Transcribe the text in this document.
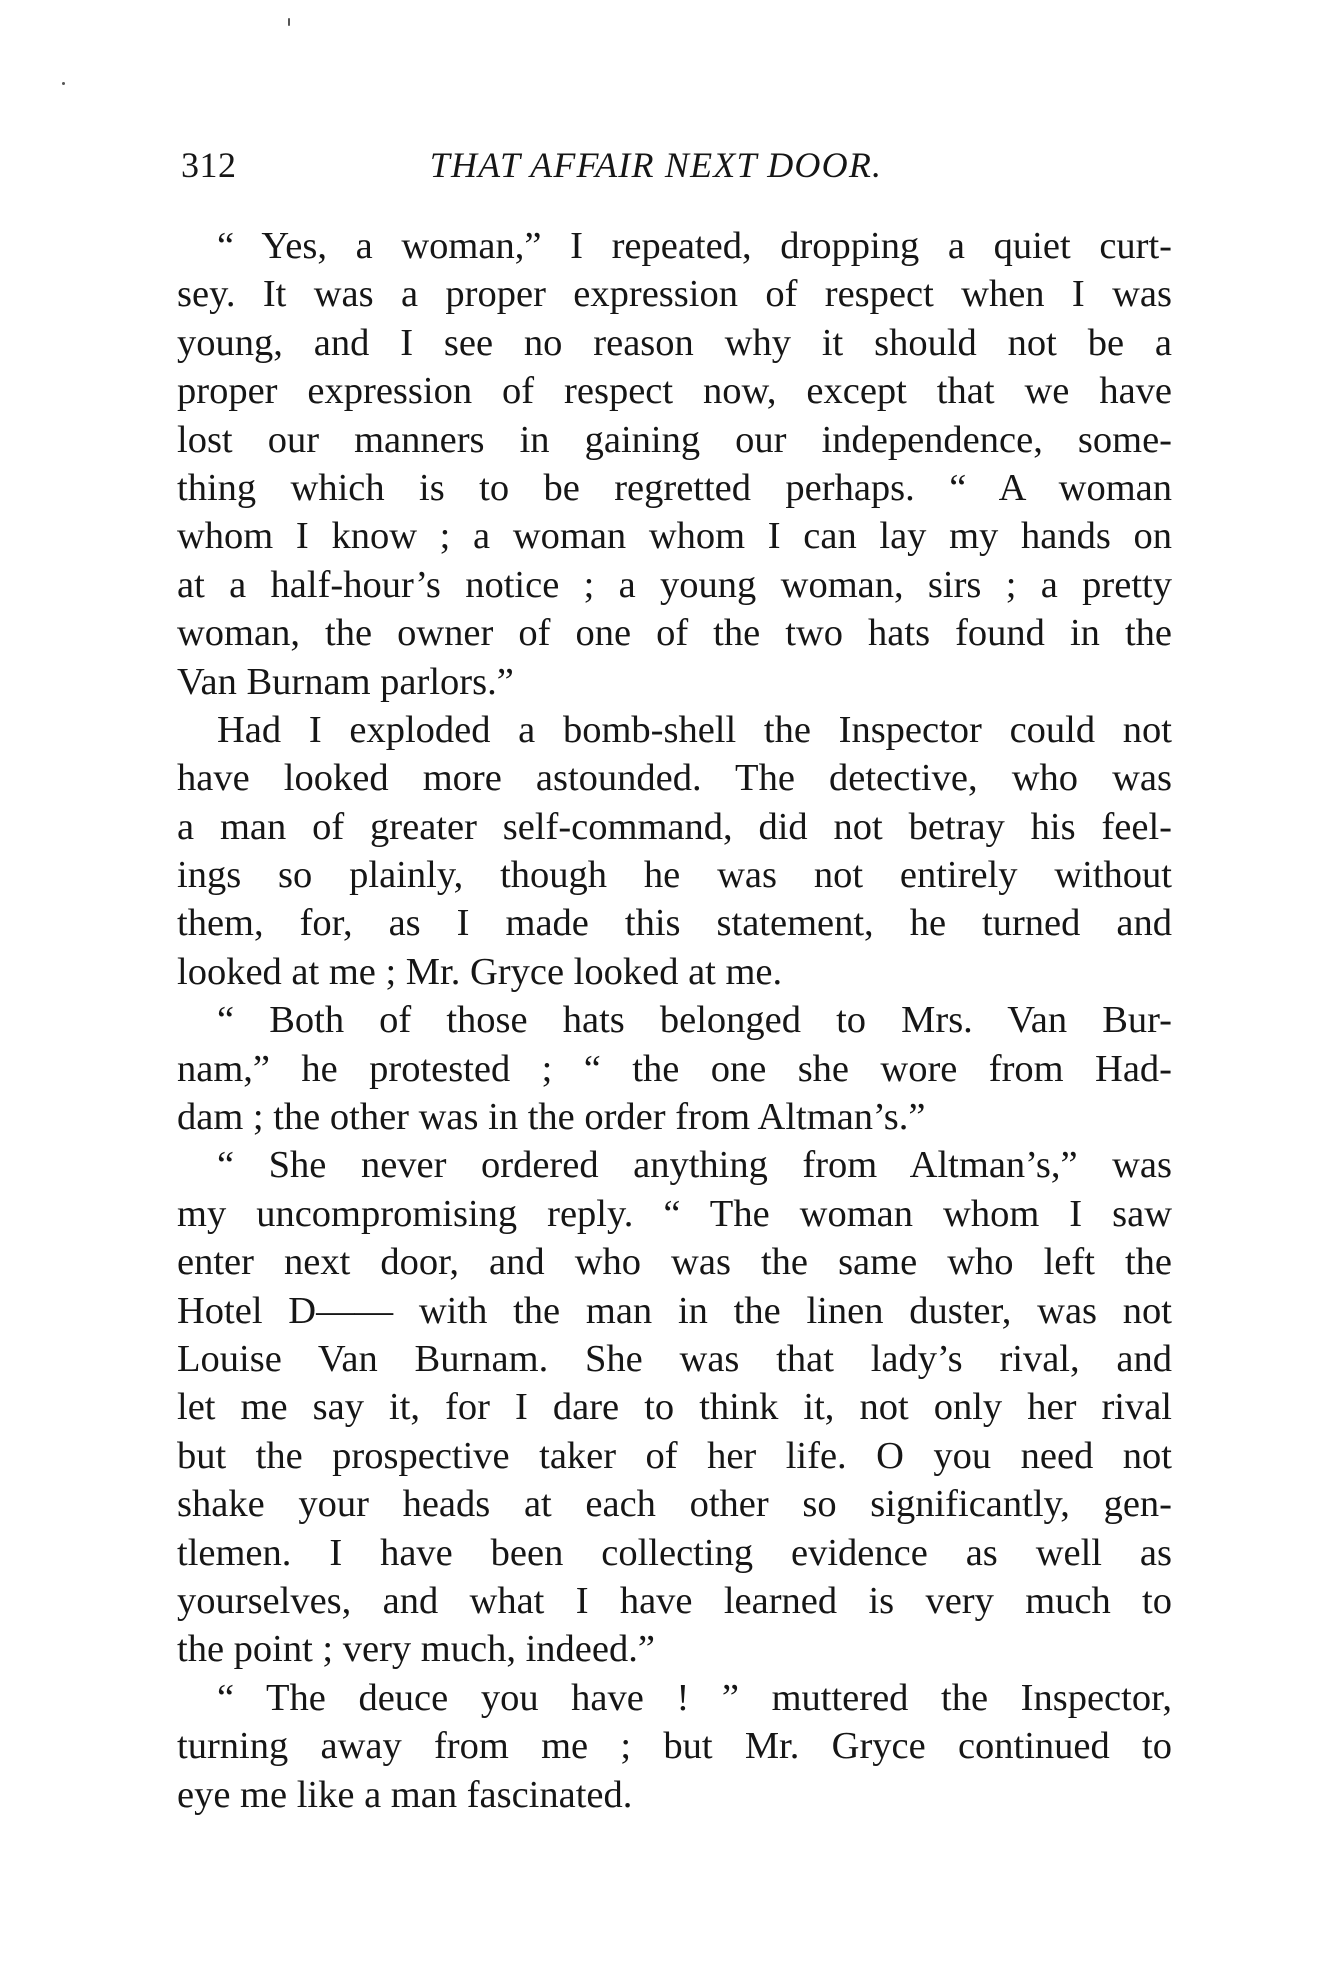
312	THAT AFFAIR NEXT DOOR.
“ Yes, a woman,” I repeated, dropping a quiet curt-
sey. It was a proper expression of respect when I was
young, and I see no reason why it should not be a
proper expression of respect now, except that we have
lost our manners in gaining our independence, some-
thing which is to be regretted perhaps. “ A woman
whom I know ; a woman whom I can lay my hands on
at a half-hour’s notice ; a young woman, sirs ; a pretty
woman, the owner of one of the two hats found in the
Van Burnam parlors.”
Had I exploded a bomb-shell the Inspector could not
have looked more astounded. The detective, who was
a man of greater self-command, did not betray his feel-
ings so plainly, though he was not entirely without
them, for, as I made this statement, he turned and
looked at me ; Mr. Gryce looked at me.
“ Both of those hats belonged to Mrs. Van Bur-
nam,” he protested ; “ the one she wore from Had-
dam ; the other was in the order from Altman’s.”
“ She never ordered anything from Altman’s,” was
my uncompromising reply. “ The woman whom I saw
enter next door, and who was the same who left the
Hotel D—— with the man in the linen duster, was not
Louise Van Burnam. She was that lady’s rival, and
let me say it, for I dare to think it, not only her rival
but the prospective taker of her life. O you need not
shake your heads at each other so significantly, gen-
tlemen. I have been collecting evidence as well as
yourselves, and what I have learned is very much to
the point ; very much, indeed.”
“ The deuce you have ! ” muttered the Inspector,
turning away from me ; but Mr. Gryce continued to
eye me like a man fascinated.
